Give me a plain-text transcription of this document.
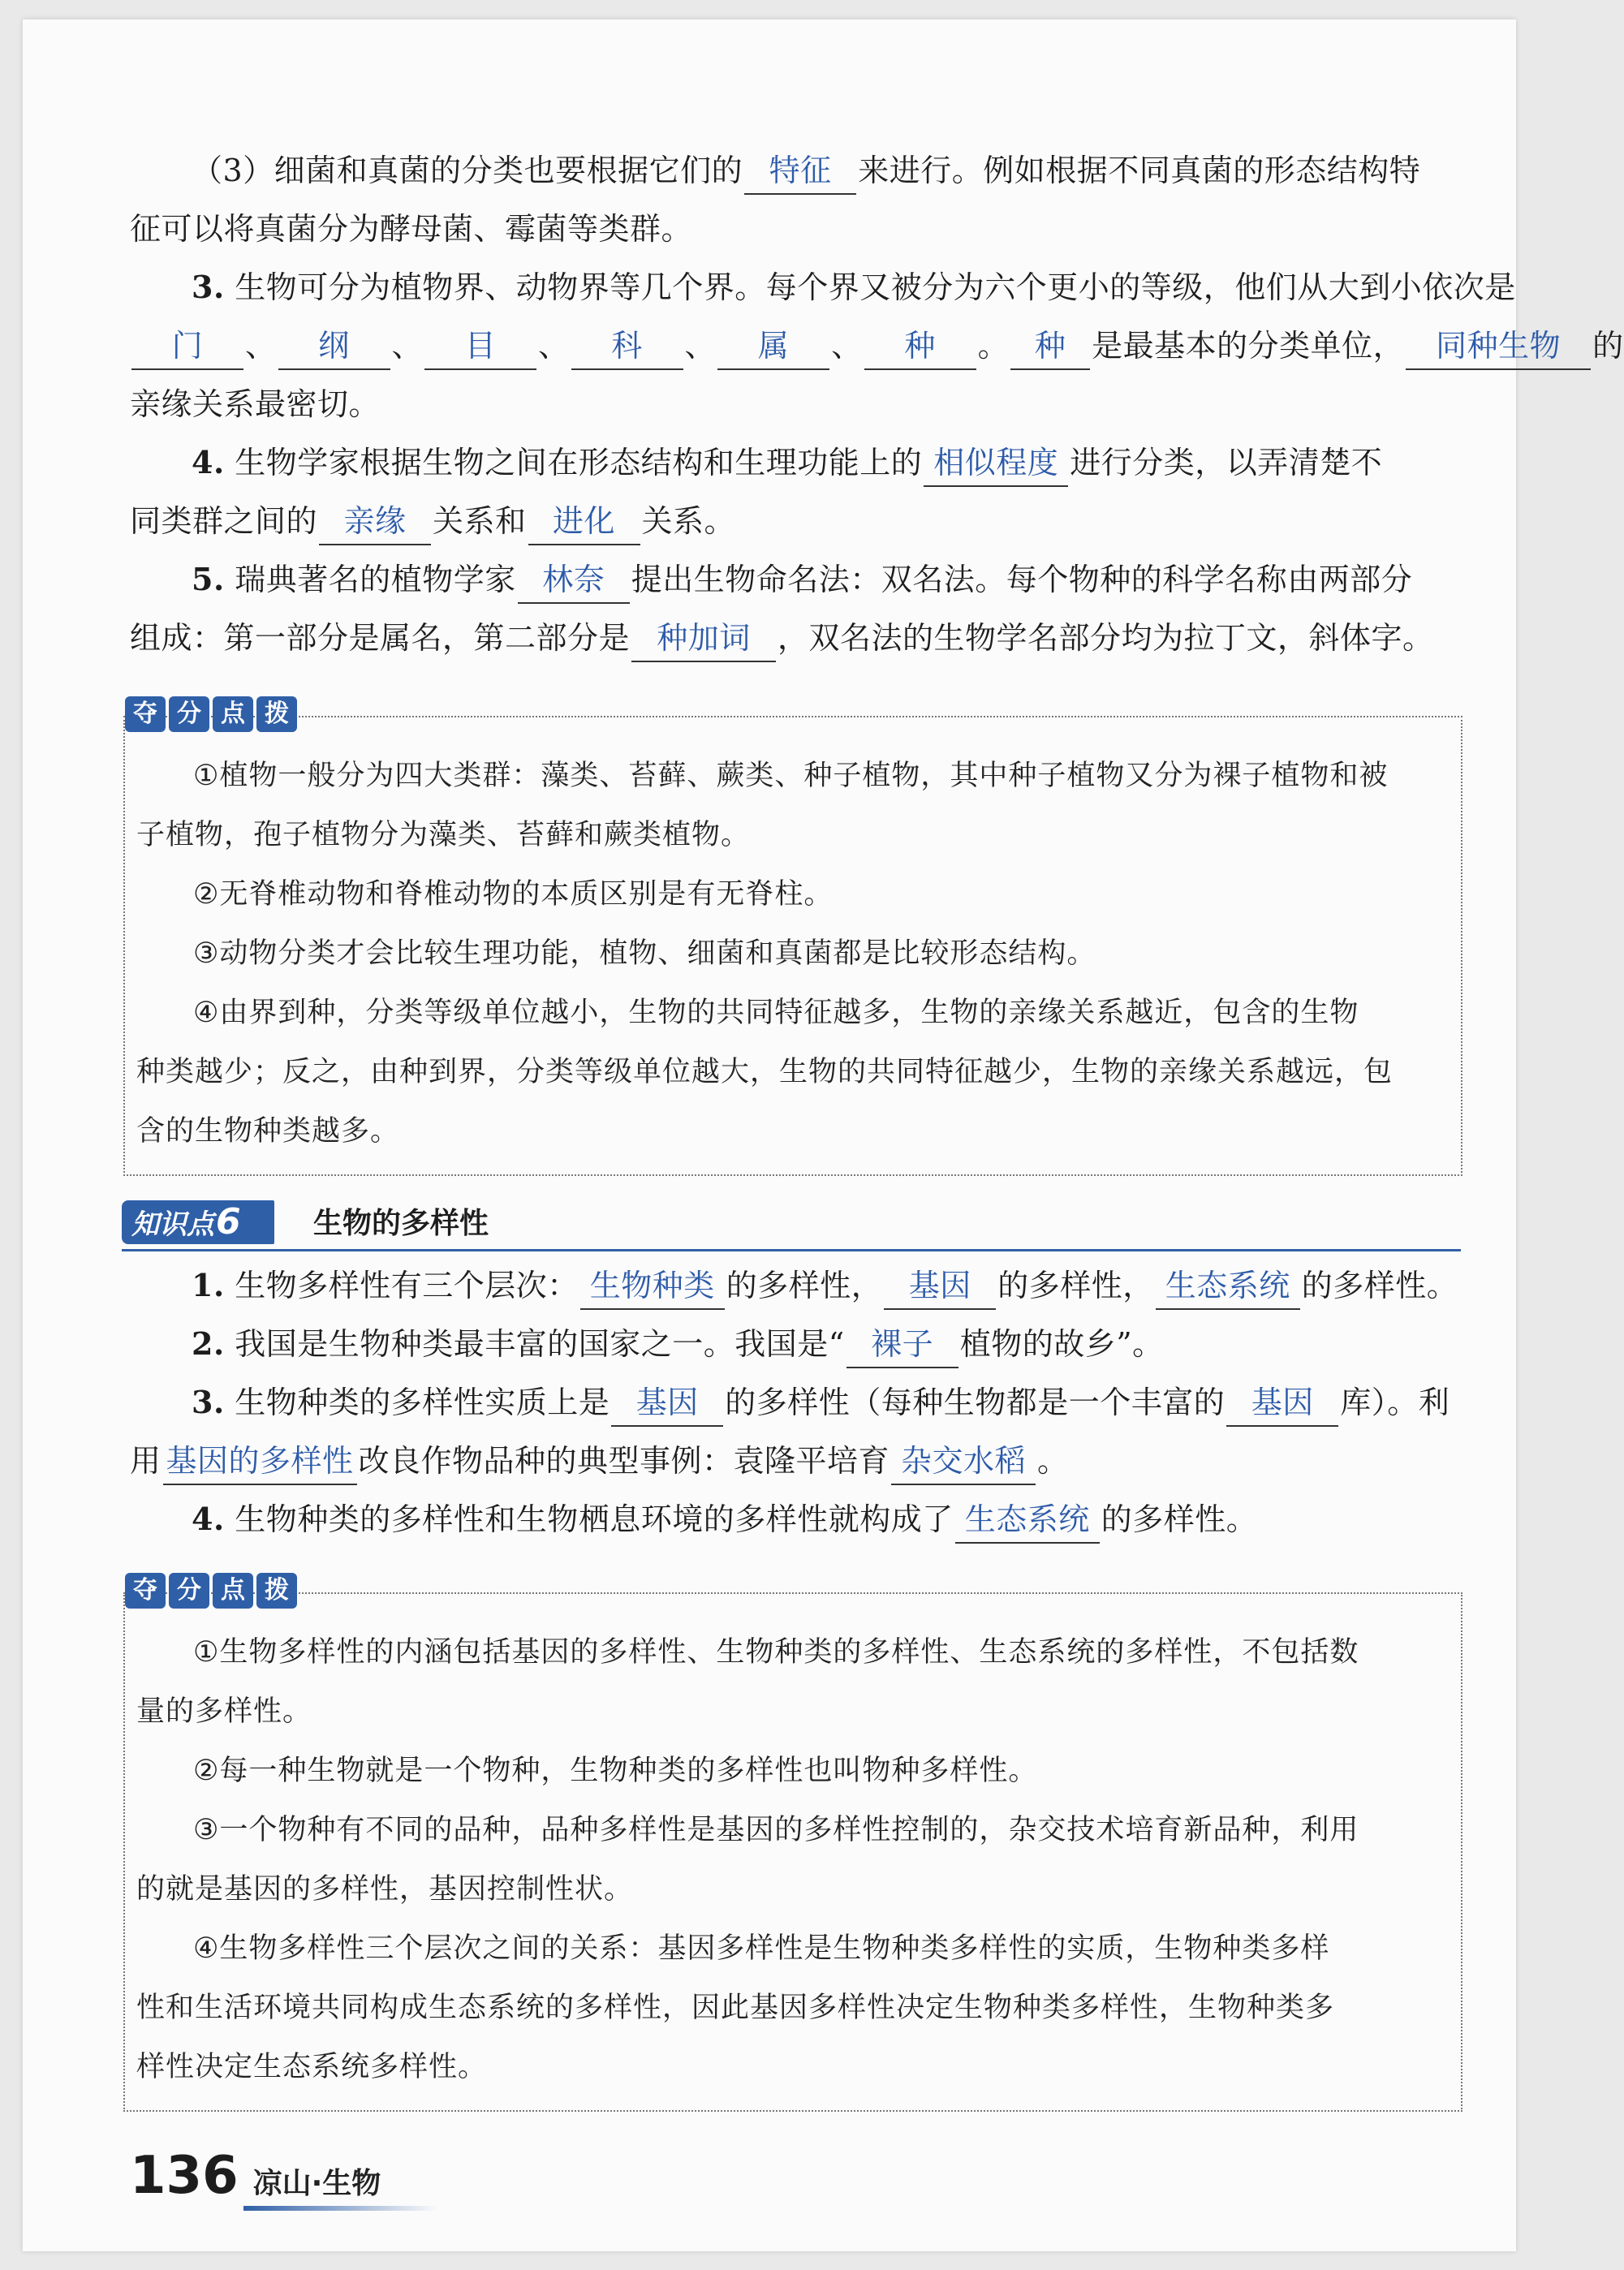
（3）细菌和真菌的分类也要根据它们的 特征 来进行。例如根据不同真菌的形态结构特
征可以将真菌分为酵母菌、霉菌等类群。
3. 生物可分为植物界、动物界等几个界。每个界又被分为六个更小的等级，他们从大到小依次是
门 、 纲 、 目 、 科 、 属 、 种 。 种 是最基本的分类单位， 同种生物 的
亲缘关系最密切。
4. 生物学家根据生物之间在形态结构和生理功能上的 相似程度 进行分类，以弄清楚不
同类群之间的 亲缘 关系和 进化 关系。
5. 瑞典著名的植物学家 林奈 提出生物命名法：双名法。每个物种的科学名称由两部分
组成：第一部分是属名，第二部分是 种加词 ，双名法的生物学名部分均为拉丁文，斜体字。
夺 分 点 拨
①植物一般分为四大类群：藻类、苔藓、蕨类、种子植物，其中种子植物又分为裸子植物和被
子植物，孢子植物分为藻类、苔藓和蕨类植物。
②无脊椎动物和脊椎动物的本质区别是有无脊柱。
③动物分类才会比较生理功能，植物、细菌和真菌都是比较形态结构。
④由界到种，分类等级单位越小，生物的共同特征越多，生物的亲缘关系越近，包含的生物
种类越少；反之，由种到界，分类等级单位越大，生物的共同特征越少，生物的亲缘关系越远，包
含的生物种类越多。
知识点6	生物的多样性
1. 生物多样性有三个层次： 生物种类 的多样性， 基因 的多样性， 生态系统 的多样性。
2. 我国是生物种类最丰富的国家之一。我国是“ 裸子 植物的故乡”。
3. 生物种类的多样性实质上是 基因 的多样性（每种生物都是一个丰富的 基因 库）。利
用 基因的多样性 改良作物品种的典型事例：袁隆平培育 杂交水稻 。
4. 生物种类的多样性和生物栖息环境的多样性就构成了 生态系统 的多样性。
夺 分 点 拨
①生物多样性的内涵包括基因的多样性、生物种类的多样性、生态系统的多样性，不包括数
量的多样性。
②每一种生物就是一个物种，生物种类的多样性也叫物种多样性。
③一个物种有不同的品种，品种多样性是基因的多样性控制的，杂交技术培育新品种，利用
的就是基因的多样性，基因控制性状。
④生物多样性三个层次之间的关系：基因多样性是生物种类多样性的实质，生物种类多样
性和生活环境共同构成生态系统的多样性，因此基因多样性决定生物种类多样性，生物种类多
样性决定生态系统多样性。
136 凉山·生物
